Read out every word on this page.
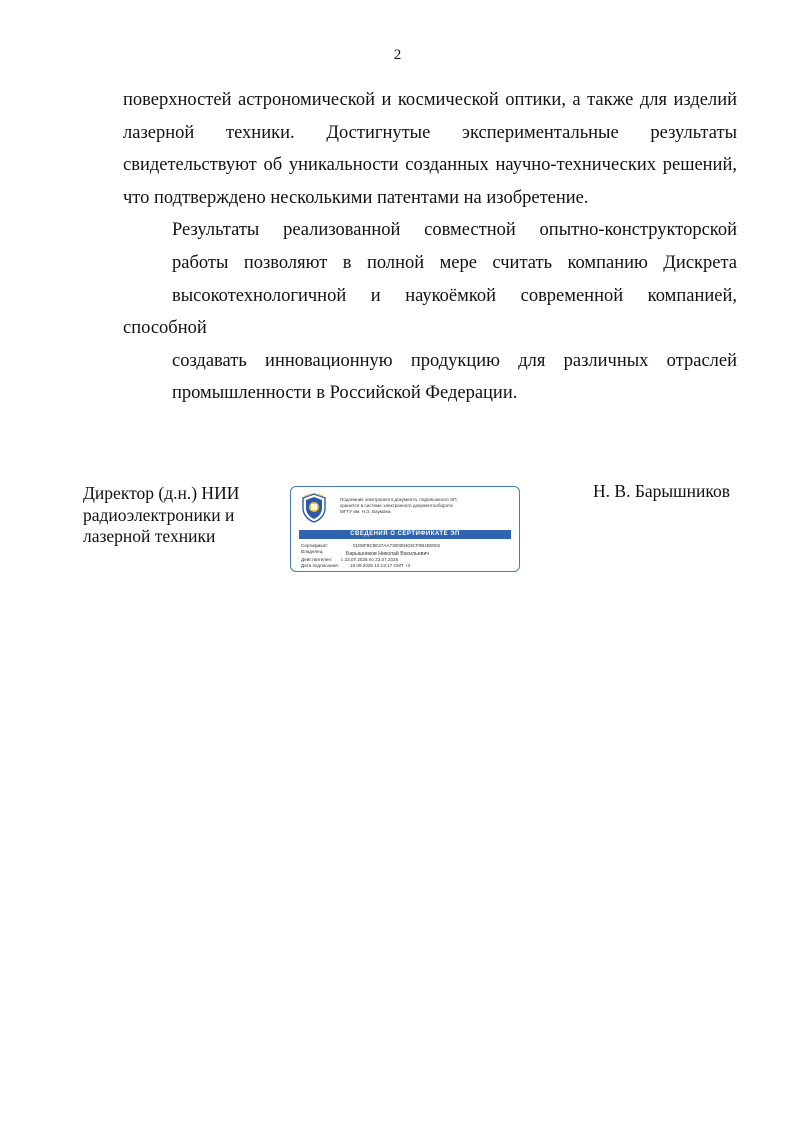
2

поверхностей астрономической и космической оптики, а также для изделий
лазерной техники. Достигнутые экспериментальные результаты
свидетельствуют об уникальности созданных научно-технических решений,
что подтверждено несколькими патентами на изобретение.

Результаты реализованной совместной опытно-конструкторской
работы позволяют в полной мере считать компанию Дискрета
высокотехнологичной и наукоёмкой современной компанией, способной
создавать инновационную продукцию для различных отраслей
промышленности в Российской Федерации.

Директор (д.н.) НИИ
радиоэлектроники и
лазерной техники
Подлинник электронного документа, подписанного ЭП,
хранится в системе электронного документооборота
МГТУ им. Н.Э. Баумана
СВЕДЕНИЯ О СЕРТИФИКАТЕ ЭП
Сертификат:	01D8F8C9E37AA730000403CF0B1B0002
Владелец:	Барышников Николай Васильевич
Действителен: с 23.07.2025 по 23.07.2026
Дата подписания: 18.09.2025 12:13:17 GMT +3
Н. В. Барышников
